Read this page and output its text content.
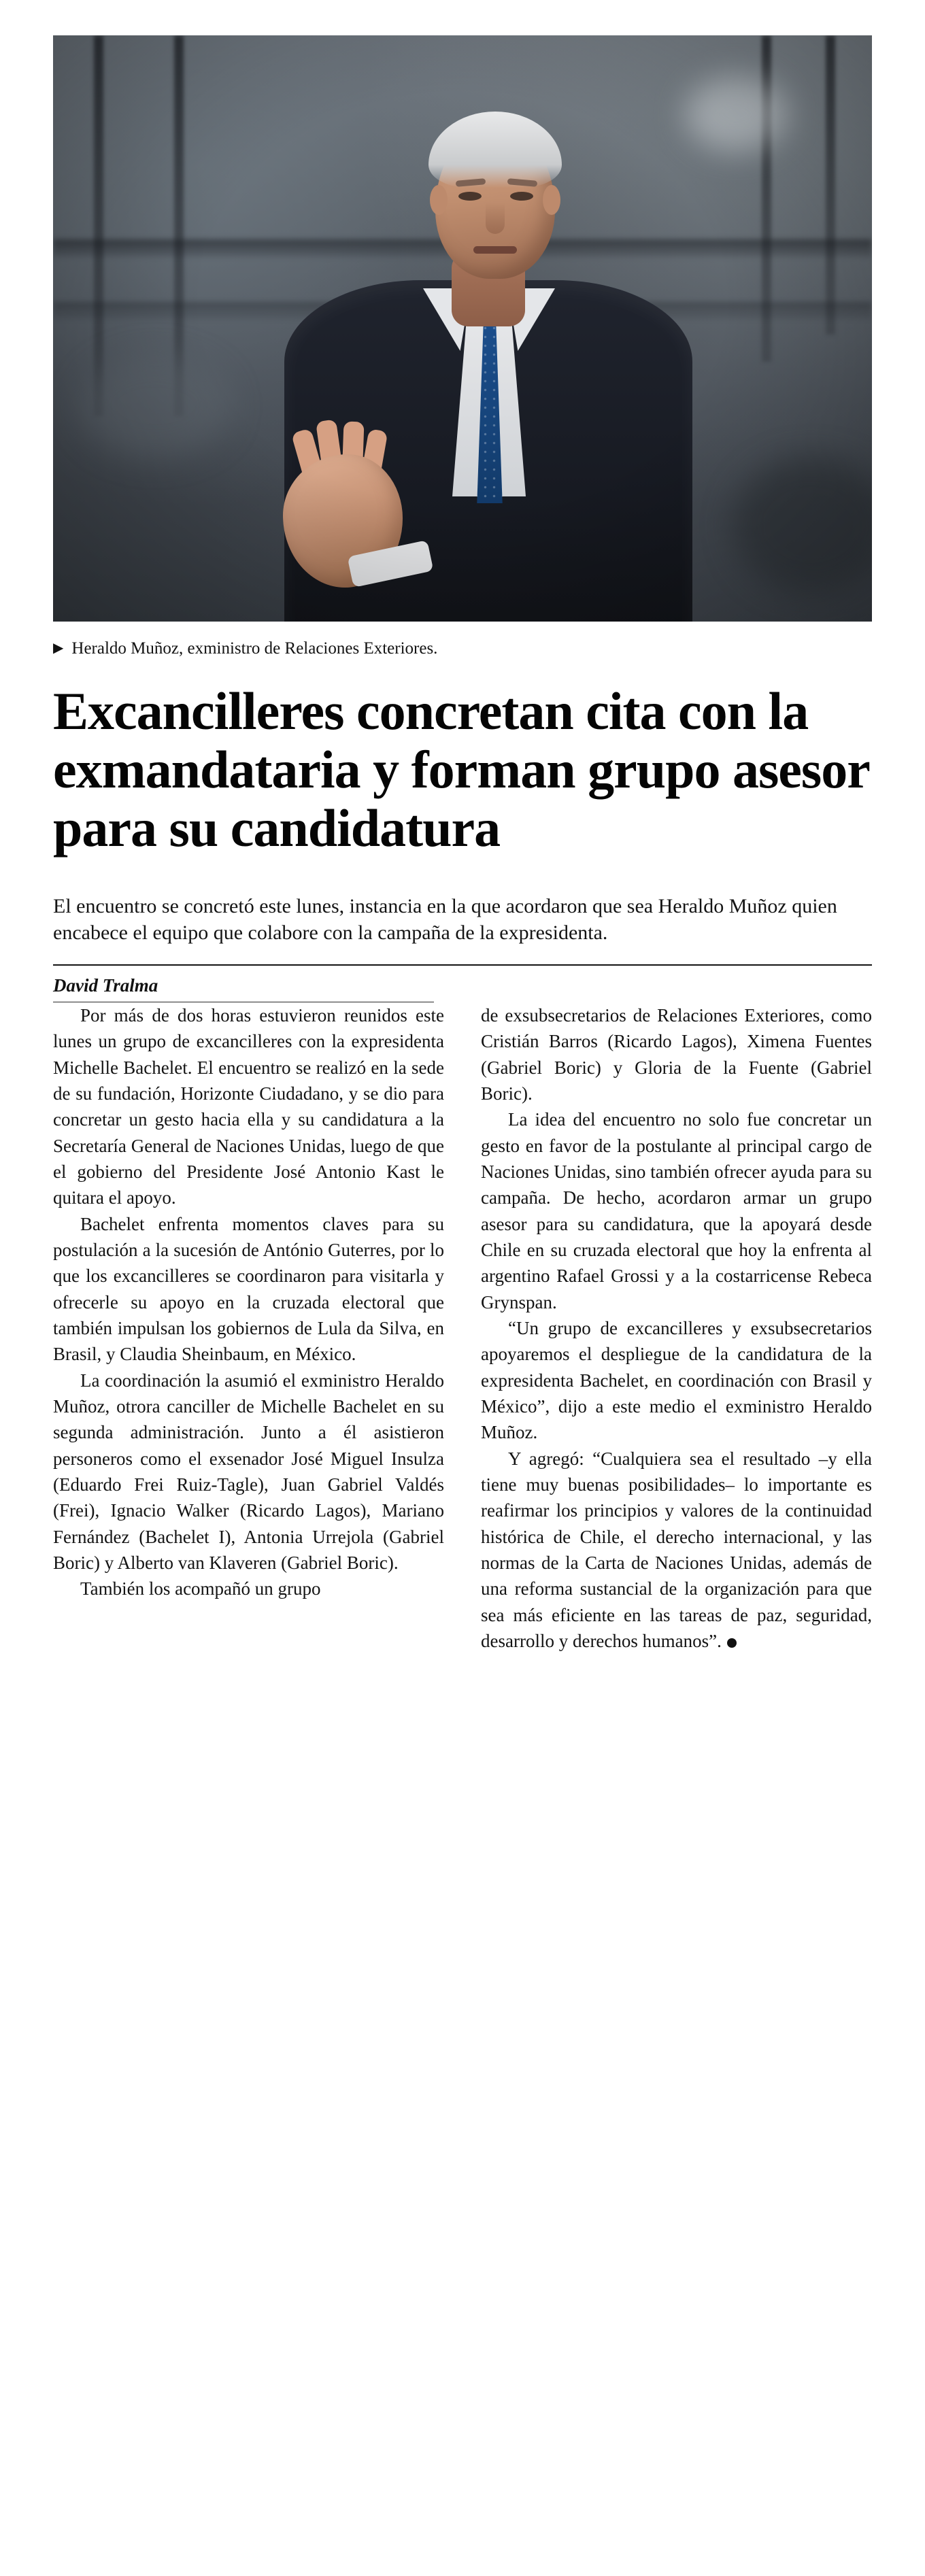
▶ Heraldo Muñoz, exministro de Relaciones Exteriores.
Excancilleres concretan cita con la exmandataria y forman grupo asesor para su candidatura
El encuentro se concretó este lunes, instancia en la que acordaron que sea Heraldo Muñoz quien encabece el equipo que colabore con la campaña de la expresidenta.
David Tralma

Por más de dos horas estuvieron reunidos este lunes un grupo de excancilleres con la expresidenta Michelle Bachelet. El encuentro se realizó en la sede de su fundación, Horizonte Ciudadano, y se dio para concretar un gesto hacia ella y su candidatura a la Secretaría General de Naciones Unidas, luego de que el gobierno del Presidente José Antonio Kast le quitara el apoyo.

Bachelet enfrenta momentos claves para su postulación a la sucesión de António Guterres, por lo que los excancilleres se coordinaron para visitarla y ofrecerle su apoyo en la cruzada electoral que también impulsan los gobiernos de Lula da Silva, en Brasil, y Claudia Sheinbaum, en México.

La coordinación la asumió el exministro Heraldo Muñoz, otrora canciller de Michelle Bachelet en su segunda administración. Junto a él asistieron personeros como el exsenador José Miguel Insulza (Eduardo Frei Ruiz-Tagle), Juan Gabriel Valdés (Frei), Ignacio Walker (Ricardo Lagos), Mariano Fernández (Bachelet I), Antonia Urrejola (Gabriel Boric) y Alberto van Klaveren (Gabriel Boric).

También los acompañó un grupo

de exsubsecretarios de Relaciones Exteriores, como Cristián Barros (Ricardo Lagos), Ximena Fuentes (Gabriel Boric) y Gloria de la Fuente (Gabriel Boric).

La idea del encuentro no solo fue concretar un gesto en favor de la postulante al principal cargo de Naciones Unidas, sino también ofrecer ayuda para su campaña. De hecho, acordaron armar un grupo asesor para su candidatura, que la apoyará desde Chile en su cruzada electoral que hoy la enfrenta al argentino Rafael Grossi y a la costarricense Rebeca Grynspan.

“Un grupo de excancilleres y exsubsecretarios apoyaremos el despliegue de la candidatura de la expresidenta Bachelet, en coordinación con Brasil y México”, dijo a este medio el exministro Heraldo Muñoz.

Y agregó: “Cualquiera sea el resultado –y ella tiene muy buenas posibilidades– lo importante es reafirmar los principios y valores de la continuidad histórica de Chile, el derecho internacional, y las normas de la Carta de Naciones Unidas, además de una reforma sustancial de la organización para que sea más eficiente en las tareas de paz, seguridad, desarrollo y derechos humanos”.
